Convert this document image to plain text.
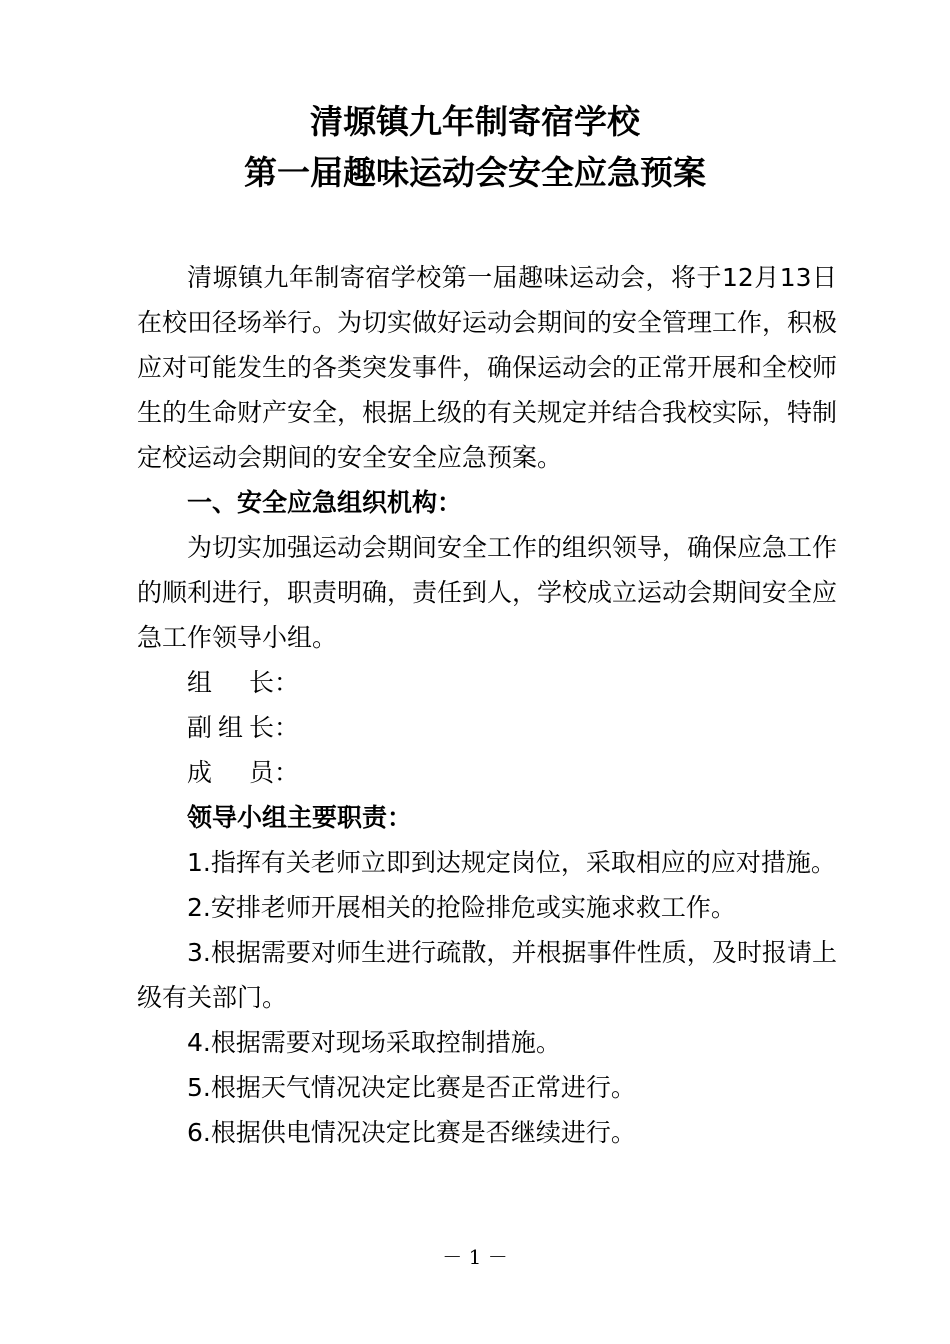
清塬镇九年制寄宿学校
第一届趣味运动会安全应急预案

清塬镇九年制寄宿学校第一届趣味运动会，将于12月13日在校田径场举行。为切实做好运动会期间的安全管理工作，积极应对可能发生的各类突发事件，确保运动会的正常开展和全校师生的生命财产安全，根据上级的有关规定并结合我校实际，特制定校运动会期间的安全安全应急预案。

一、安全应急组织机构：

为切实加强运动会期间安全工作的组织领导，确保应急工作的顺利进行，职责明确，责任到人，学校成立运动会期间安全应急工作领导小组。

组长：

副组长：

成员：

领导小组主要职责：

1.指挥有关老师立即到达规定岗位，采取相应的应对措施。

2.安排老师开展相关的抢险排危或实施求救工作。

3.根据需要对师生进行疏散，并根据事件性质，及时报请上级有关部门。

4.根据需要对现场采取控制措施。

5.根据天气情况决定比赛是否正常进行。

6.根据供电情况决定比赛是否继续进行。

－ 1 －
